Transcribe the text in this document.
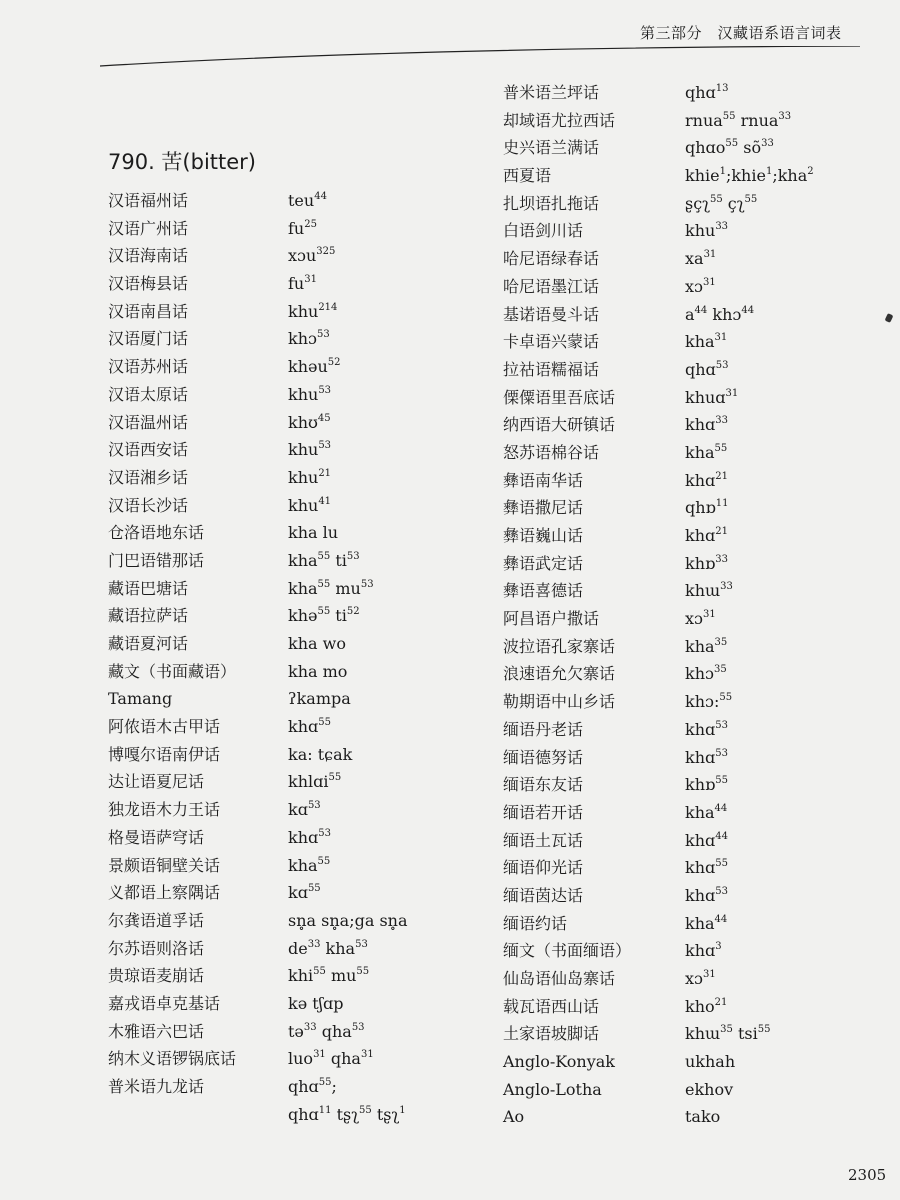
第三部分　汉藏语系语言词表
790. 苦(bitter)
汉语福州话	teu$^{44}$
汉语广州话	$fu^{25}$
汉语海南话	xɔu$^{325}$
汉语梅县话	$fu^{31}$
汉语南昌话	khu$^{214}$
汉语厦门话	khɔ$^{53}$
汉语苏州话	khəu$^{52}$
汉语太原话	khu$^{53}$
汉语温州话	khʊ$^{45}$
汉语西安话	khu$^{53}$
汉语湘乡话	khu$^{21}$
汉语长沙话	khu$^{41}$
仓洛语地东话	kha lu
门巴语错那话	kha$^{55}$ $ti^{53}$
藏语巴塘话	kha$^{55}$ $mu^{53}$
藏语拉萨话	khə$^{55}$ $ti^{52}$
藏语夏河话	kha wo
藏文（书面藏语）	kha mo
Tamang	ʔkampa
阿侬语木古甲话	khɑ$^{55}$
博嘎尔语南伊话	ka: tɕak
达让语夏尼话	khlɑi$^{55}$
独龙语木力王话	kɑ$^{53}$
格曼语萨穹话	khɑ$^{53}$
景颇语铜壁关话	kha$^{55}$
义都语上察隅话	kɑ$^{55}$
尔龚语道孚话	sn̥a sn̥a;ga sn̥a
尔苏语则洛话	$de^{33}$ kha$^{53}$
贵琼语麦崩话	khi$^{55}$ $mu^{55}$
嘉戎语卓克基话	kə tʃɑp
木雅语六巴话	tə$^{33}$ qha$^{53}$
纳木义语锣锅底话	luo$^{31}$ qha$^{31}$
普米语九龙话	qhɑ$^{55}$;
qhɑ$^{11}$ tʂʅ$^{55}$ tʂʅ$^1$
普米语兰坪话	qhɑ$^{13}$
却域语尤拉西话	rnua$^{55}$ rnua$^{33}$
史兴语兰满话	qhɑo$^{55}$ $sõ^{33}$
西夏语	khie$^1$;khie$^1$;kha$^2$
扎坝语扎拖话	ʂçʅ$^{55}$ çʅ$^{55}$
白语剑川话	khu$^{33}$
哈尼语绿春话	$xa^{31}$
哈尼语墨江话	xɔ$^{31}$
基诺语曼斗话	$a^{44}$ khɔ$^{44}$
卡卓语兴蒙话	kha$^{31}$
拉祜语糯福话	qhɑ$^{53}$
傈僳语里吾底话	khuɑ$^{31}$
纳西语大研镇话	khɑ$^{33}$
怒苏语棉谷话	kha$^{55}$
彝语南华话	khɑ$^{21}$
彝语撒尼话	qhɒ$^{11}$
彝语巍山话	khɑ$^{21}$
彝语武定话	khɒ$^{33}$
彝语喜德话	khɯ$^{33}$
阿昌语户撒话	xɔ$^{31}$
波拉语孔家寨话	kha$^{35}$
浪速语允欠寨话	khɔ$^{35}$
勒期语中山乡话	khɔ:$^{55}$
缅语丹老话	khɑ$^{53}$
缅语德努话	khɑ$^{53}$
缅语东友话	khɒ$^{55}$
缅语若开话	kha$^{44}$
缅语土瓦话	khɑ$^{44}$
缅语仰光话	khɑ$^{55}$
缅语茵达话	khɑ$^{53}$
缅语约话	kha$^{44}$
缅文（书面缅语）	khɑ$^3$
仙岛语仙岛寨话	xɔ$^{31}$
载瓦语西山话	kho$^{21}$
土家语坡脚话	khɯ$^{35}$ tsi$^{55}$
Anglo-Konyak	ukhah
Anglo-Lotha	ekhov
Ao	tako
2305
